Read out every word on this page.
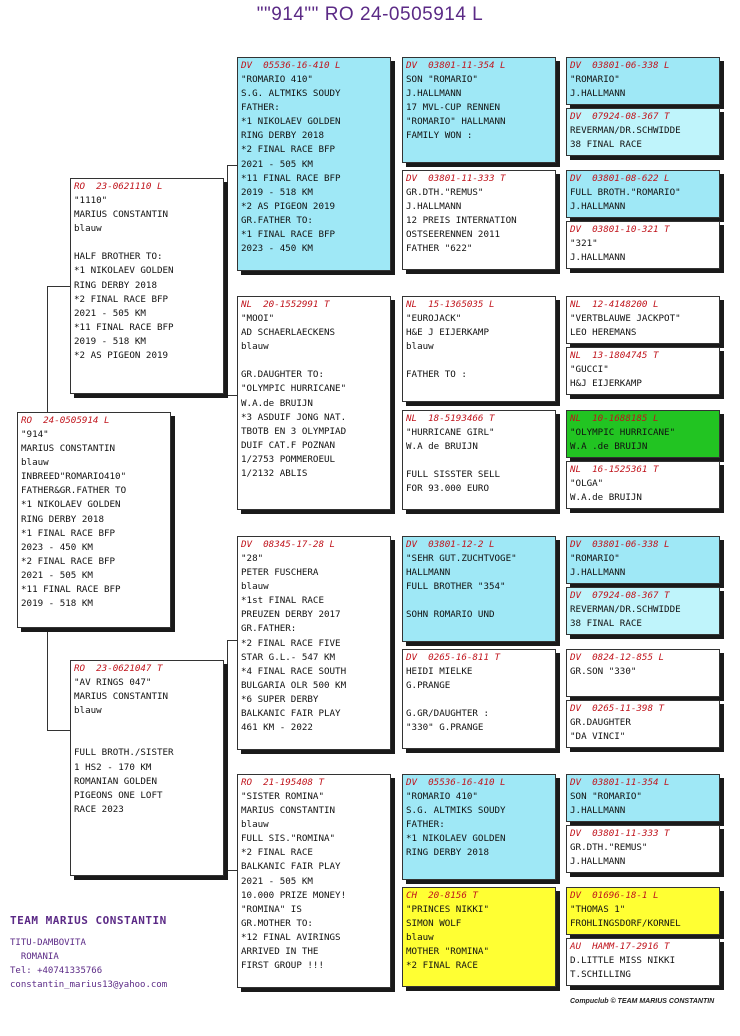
""914"" RO 24-0505914 L
RO  24-0505914 L
"914"
MARIUS CONSTANTIN
blauw
INBREED"ROMARIO410"
FATHER&GR.FATHER TO
*1 NIKOLAEV GOLDEN
RING DERBY 2018
*1 FINAL RACE BFP
2023 - 450 KM
*2 FINAL RACE BFP
2021 - 505 KM
*11 FINAL RACE BFP
2019 - 518 KM
RO  23-0621110 L
"1110"
MARIUS CONSTANTIN
blauw
HALF BROTHER TO:
*1 NIKOLAEV GOLDEN
RING DERBY 2018
*2 FINAL RACE BFP
2021 - 505 KM
*11 FINAL RACE BFP
2019 - 518 KM
*2 AS PIGEON 2019
RO  23-0621047 T
"AV RINGS 047"
MARIUS CONSTANTIN
blauw
FULL BROTH./SISTER
1 HS2 - 170 KM
ROMANIAN GOLDEN
PIGEONS ONE LOFT
RACE 2023
DV  05536-16-410 L
"ROMARIO 410"
S.G. ALTMIKS SOUDY
FATHER:
*1 NIKOLAEV GOLDEN
RING DERBY 2018
*2 FINAL RACE BFP
2021 - 505 KM
*11 FINAL RACE BFP
2019 - 518 KM
*2 AS PIGEON 2019
GR.FATHER TO:
*1 FINAL RACE BFP
2023 - 450 KM
NL  20-1552991 T
"MOOI"
AD SCHAERLAECKENS
blauw
GR.DAUGHTER TO:
"OLYMPIC HURRICANE"
W.A.de BRUIJN
*3 ASDUIF JONG NAT.
TBOTB EN 3 OLYMPIAD
DUIF CAT.F POZNAN
1/2753 POMMEROEUL
1/2132 ABLIS
DV  08345-17-28 L
"28"
PETER FUSCHERA
blauw
*1st FINAL RACE
PREUZEN DERBY 2017
GR.FATHER:
*2 FINAL RACE FIVE
STAR G.L.- 547 KM
*4 FINAL RACE SOUTH
BULGARIA OLR 500 KM
*6 SUPER DERBY
BALKANIC FAIR PLAY
461 KM - 2022
RO  21-195408 T
"SISTER ROMINA"
MARIUS CONSTANTIN
blauw
FULL SIS."ROMINA"
*2 FINAL RACE
BALKANIC FAIR PLAY
2021 - 505 KM
10.000 PRIZE MONEY!
"ROMINA" IS
GR.MOTHER TO:
*12 FINAL AVIRINGS
ARRIVED IN THE
FIRST GROUP !!!
DV  03801-11-354 L
SON "ROMARIO"
J.HALLMANN
17 MVL-CUP RENNEN
"ROMARIO" HALLMANN
FAMILY WON :
DV  03801-11-333 T
GR.DTH."REMUS"
J.HALLMANN
12 PREIS INTERNATION
OSTSEERENNEN 2011
FATHER "622"
NL  15-1365035 L
"EUROJACK"
H&E J EIJERKAMP
blauw
FATHER TO :
NL  18-5193466 T
"HURRICANE GIRL"
W.A de BRUIJN
FULL SISSTER SELL
FOR 93.000 EURO
DV  03801-12-2 L
"SEHR GUT.ZUCHTVOGE"
HALLMANN
FULL BROTHER "354"
SOHN ROMARIO UND
DV  0265-16-811 T
HEIDI MIELKE
G.PRANGE
G.GR/DAUGHTER :
"330" G.PRANGE
DV  05536-16-410 L
"ROMARIO 410"
S.G. ALTMIKS SOUDY
FATHER:
*1 NIKOLAEV GOLDEN
RING DERBY 2018
CH  20-8156 T
"PRINCES NIKKI"
SIMON WOLF
blauw
MOTHER "ROMINA"
*2 FINAL RACE
DV  03801-06-338 L
"ROMARIO"
J.HALLMANN
DV  07924-08-367 T
REVERMAN/DR.SCHWIDDE
38 FINAL RACE
DV  03801-08-622 L
FULL BROTH."ROMARIO"
J.HALLMANN
DV  03801-10-321 T
"321"
J.HALLMANN
NL  12-4148200 L
"VERTBLAUWE JACKPOT"
LEO HEREMANS
NL  13-1804745 T
"GUCCI"
H&J EIJERKAMP
NL  10-1688185 L
"OLYMPIC HURRICANE"
W.A .de BRUIJN
NL  16-1525361 T
"OLGA"
W.A.de BRUIJN
DV  03801-06-338 L
"ROMARIO"
J.HALLMANN
DV  07924-08-367 T
REVERMAN/DR.SCHWIDDE
38 FINAL RACE
DV  0824-12-855 L
GR.SON "330"
DV  0265-11-398 T
GR.DAUGHTER
"DA VINCI"
DV  03801-11-354 L
SON "ROMARIO"
J.HALLMANN
DV  03801-11-333 T
GR.DTH."REMUS"
J.HALLMANN
DV  01696-18-1 L
"THOMAS 1"
FROHLINGSDORF/KORNEL
AU  HAMM-17-2916 T
D.LITTLE MISS NIKKI
T.SCHILLING
TEAM MARIUS CONSTANTIN
TITU-DAMBOVITA
ROMANIA
Tel: +40741335766
constantin_marius13@yahoo.com
Compuclub © TEAM MARIUS CONSTANTIN
